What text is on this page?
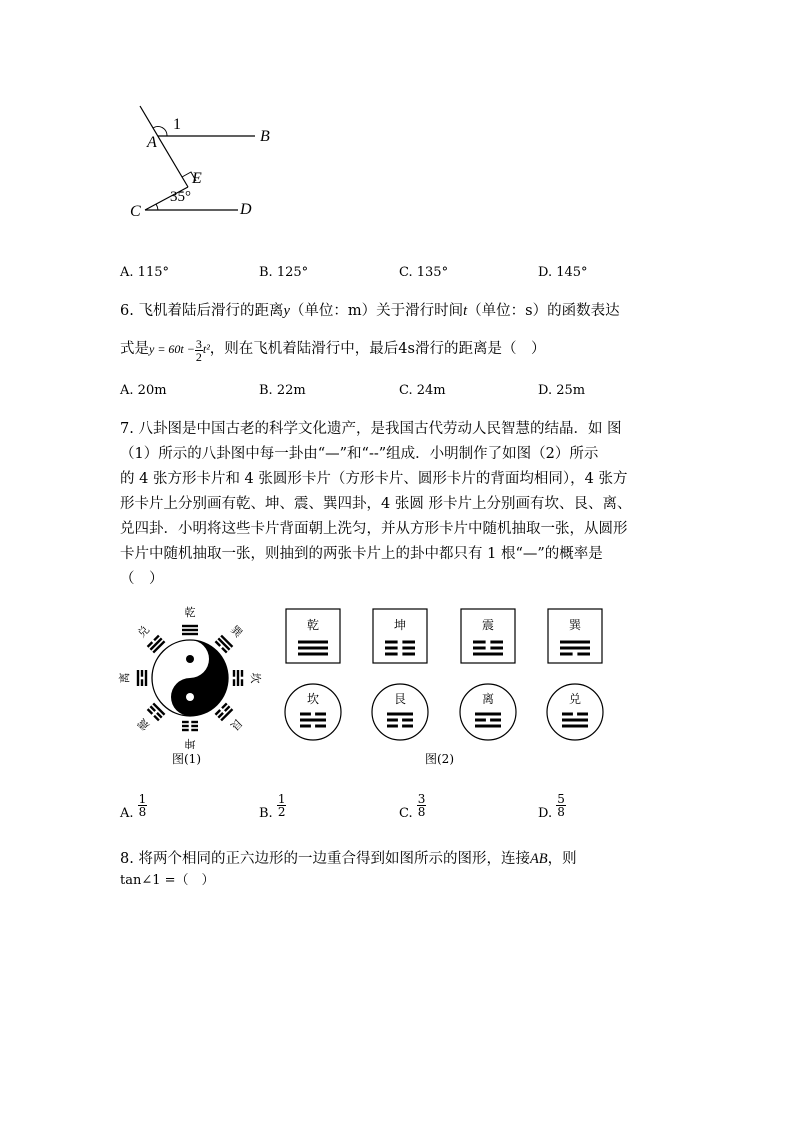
A	B
1
E
C	D
35°
A. 115°	B. 125°	C. 135°	D. 145°
6. 飞机着陆后滑行的距离y（单位：m）关于滑行时间t（单位：s）的函数表达
式是$y = 60t - \frac{3}{2} t^2$，则在飞机着陆滑行中，最后4s滑行的距离是（　）
A. 20m	B. 22m	C. 24m	D. 25m
7. 八卦图是中国古老的科学文化遗产，是我国古代劳动人民智慧的结晶．如 图
（1）所示的八卦图中每一卦由“—”和“--”组成．小明制作了如图（2）所示
的 4 张方形卡片和 4 张圆形卡片（方形卡片、圆形卡片的背面均相同），4 张方
形卡片上分别画有乾、坤、震、巽四卦，4 张圆 形卡片上分别画有坎、艮、离、
兑四卦．小明将这些卡片背面朝上洗匀，并从方形卡片中随机抽取一张，从圆形
卡片中随机抽取一张，则抽到的两张卡片上的卦中都只有 1 根“—”的概率是
（　）
乾
巽
坎
艮
坤
震
离
兑
图(1)
乾	坤	震	巽
坎	艮	离	兑
图(2)
A. $\frac{1}{8}$	B. $\frac{1}{2}$	C. $\frac{3}{8}$	D. $\frac{5}{8}$
8. 将两个相同的正六边形的一边重合得到如图所示的图形，连接AB，则
tan∠1 =（　）
